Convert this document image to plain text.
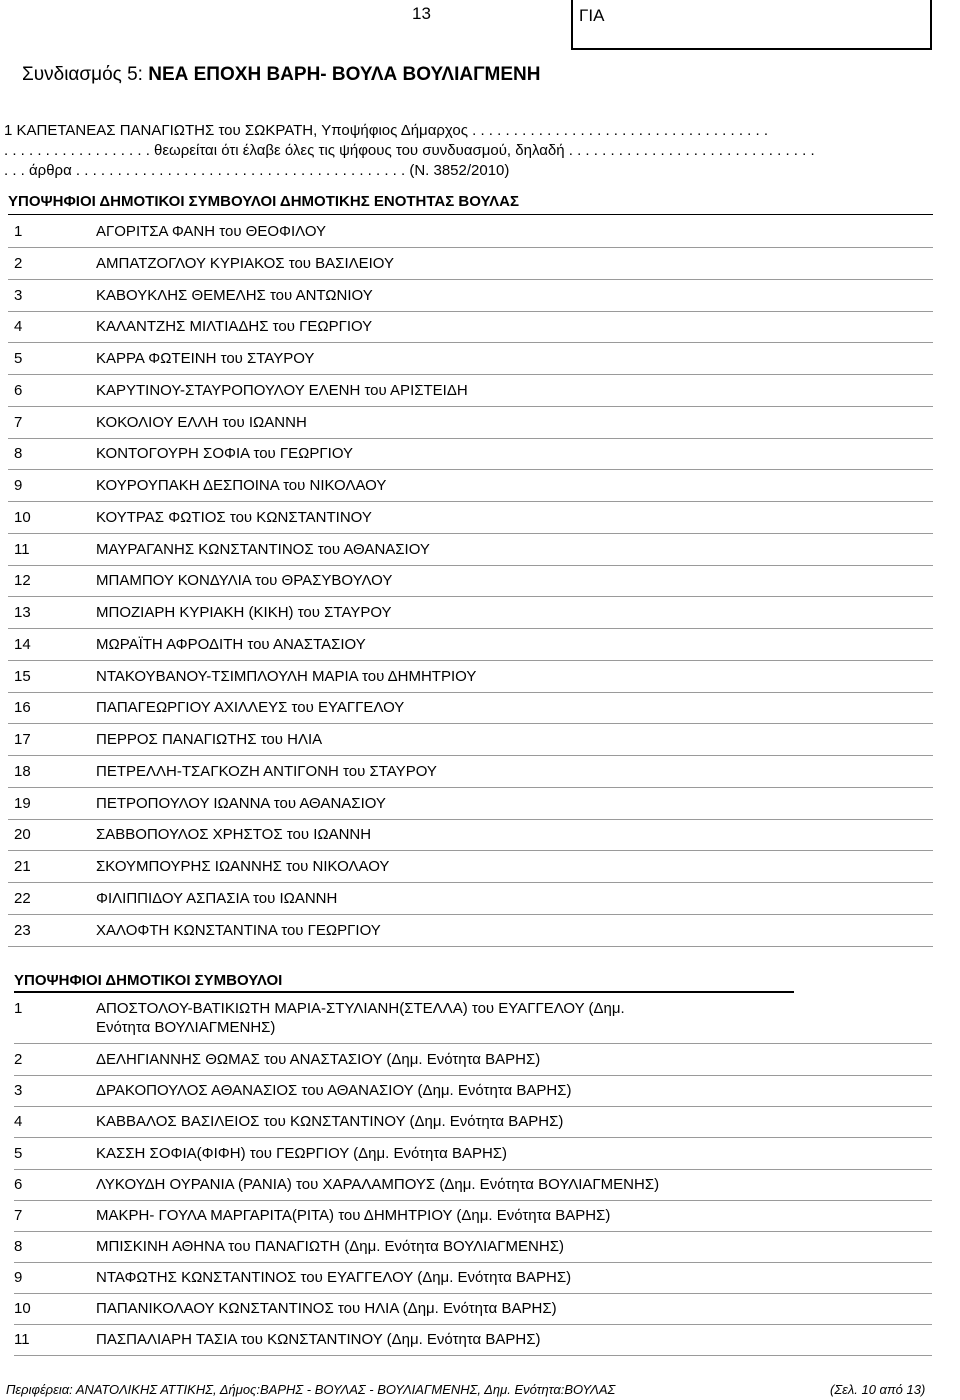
13	ΓΙΑ
Συνδιασμός 5: ΝΕΑ ΕΠΟΧΗ ΒΑΡΗ- ΒΟΥΛΑ ΒΟΥΛΙΑΓΜΕΝΗ
1 ΚΑΠΕΤΑΝΕΑΣ ΠΑΝΑΓΙΩΤΗΣ του ΣΩΚΡΑΤΗ, Υποψήφιος Δήμαρχος . . . . . . . . . . . . . . . . . . . . . . . . . . . . . . . . . . . .
. . . . . . . . . . . . . . . . . . θεωρείται ότι έλαβε όλες τις ψήφους του συνδυασμού, δηλαδή . . . . . . . . . . . . . . . . . . . . . . . . . . . . . .
. . . άρθρα . . . . . . . . . . . . . . . . . . . . . . . . . . . . . . . . . . . . . . . . (Ν. 3852/2010)
ΥΠΟΨΗΦΙΟΙ ΔΗΜΟΤΙΚΟΙ ΣΥΜΒΟΥΛΟΙ ΔΗΜΟΤΙΚΗΣ ΕΝΟΤΗΤΑΣ ΒΟΥΛΑΣ
1	ΑΓΟΡΙΤΣΑ ΦΑΝΗ του ΘΕΟΦΙΛΟΥ
2	ΑΜΠΑΤΖΟΓΛΟΥ ΚΥΡΙΑΚΟΣ του ΒΑΣΙΛΕΙΟΥ
3	ΚΑΒΟΥΚΛΗΣ ΘΕΜΕΛΗΣ του ΑΝΤΩΝΙΟΥ
4	ΚΑΛΑΝΤΖΗΣ ΜΙΛΤΙΑΔΗΣ του ΓΕΩΡΓΙΟΥ
5	ΚΑΡΡΑ ΦΩΤΕΙΝΗ του ΣΤΑΥΡΟΥ
6	ΚΑΡΥΤΙΝΟΥ-ΣΤΑΥΡΟΠΟΥΛΟΥ ΕΛΕΝΗ του ΑΡΙΣΤΕΙΔΗ
7	ΚΟΚΟΛΙΟΥ ΕΛΛΗ του ΙΩΑΝΝΗ
8	ΚΟΝΤΟΓΟΥΡΗ ΣΟΦΙΑ του ΓΕΩΡΓΙΟΥ
9	ΚΟΥΡΟΥΠΑΚΗ ΔΕΣΠΟΙΝΑ του ΝΙΚΟΛΑΟΥ
10	ΚΟΥΤΡΑΣ ΦΩΤΙΟΣ του ΚΩΝΣΤΑΝΤΙΝΟΥ
11	ΜΑΥΡΑΓΑΝΗΣ ΚΩΝΣΤΑΝΤΙΝΟΣ του ΑΘΑΝΑΣΙΟΥ
12	ΜΠΑΜΠΟΥ ΚΟΝΔΥΛΙΑ του ΘΡΑΣΥΒΟΥΛΟΥ
13	ΜΠΟΖΙΑΡΗ ΚΥΡΙΑΚΗ (ΚΙΚΗ) του ΣΤΑΥΡΟΥ
14	ΜΩΡΑΪΤΗ ΑΦΡΟΔΙΤΗ του ΑΝΑΣΤΑΣΙΟΥ
15	ΝΤΑΚΟΥΒΑΝΟΥ-ΤΣΙΜΠΛΟΥΛΗ ΜΑΡΙΑ του ΔΗΜΗΤΡΙΟΥ
16	ΠΑΠΑΓΕΩΡΓΙΟΥ ΑΧΙΛΛΕΥΣ του ΕΥΑΓΓΕΛΟΥ
17	ΠΕΡΡΟΣ ΠΑΝΑΓΙΩΤΗΣ του ΗΛΙΑ
18	ΠΕΤΡΕΛΛΗ-ΤΣΑΓΚΟΖΗ ΑΝΤΙΓΟΝΗ του ΣΤΑΥΡΟΥ
19	ΠΕΤΡΟΠΟΥΛΟΥ ΙΩΑΝΝΑ του ΑΘΑΝΑΣΙΟΥ
20	ΣΑΒΒΟΠΟΥΛΟΣ ΧΡΗΣΤΟΣ του ΙΩΑΝΝΗ
21	ΣΚΟΥΜΠΟΥΡΗΣ ΙΩΑΝΝΗΣ του ΝΙΚΟΛΑΟΥ
22	ΦΙΛΙΠΠΙΔΟΥ ΑΣΠΑΣΙΑ του ΙΩΑΝΝΗ
23	ΧΑΛΟΦΤΗ ΚΩΝΣΤΑΝΤΙΝΑ του ΓΕΩΡΓΙΟΥ
ΥΠΟΨΗΦΙΟΙ ΔΗΜΟΤΙΚΟΙ ΣΥΜΒΟΥΛΟΙ
1	ΑΠΟΣΤΟΛΟΥ-ΒΑΤΙΚΙΩΤΗ ΜΑΡΙΑ-ΣΤΥΛΙΑΝΗ(ΣΤΕΛΛΑ) του ΕΥΑΓΓΕΛΟΥ (Δημ.
Ενότητα ΒΟΥΛΙΑΓΜΕΝΗΣ)
2	ΔΕΛΗΓΙΑΝΝΗΣ ΘΩΜΑΣ του ΑΝΑΣΤΑΣΙΟΥ (Δημ. Ενότητα ΒΑΡΗΣ)
3	ΔΡΑΚΟΠΟΥΛΟΣ ΑΘΑΝΑΣΙΟΣ του ΑΘΑΝΑΣΙΟΥ (Δημ. Ενότητα ΒΑΡΗΣ)
4	ΚΑΒΒΑΛΟΣ ΒΑΣΙΛΕΙΟΣ του ΚΩΝΣΤΑΝΤΙΝΟΥ (Δημ. Ενότητα ΒΑΡΗΣ)
5	ΚΑΣΣΗ ΣΟΦΙΑ(ΦΙΦΗ) του ΓΕΩΡΓΙΟΥ (Δημ. Ενότητα ΒΑΡΗΣ)
6	ΛΥΚΟΥΔΗ ΟΥΡΑΝΙΑ (ΡΑΝΙΑ) του ΧΑΡΑΛΑΜΠΟΥΣ (Δημ. Ενότητα ΒΟΥΛΙΑΓΜΕΝΗΣ)
7	ΜΑΚΡΗ- ΓΟΥΛΑ ΜΑΡΓΑΡΙΤΑ(ΡΙΤΑ) του ΔΗΜΗΤΡΙΟΥ (Δημ. Ενότητα ΒΑΡΗΣ)
8	ΜΠΙΣΚΙΝΗ ΑΘΗΝΑ του ΠΑΝΑΓΙΩΤΗ (Δημ. Ενότητα ΒΟΥΛΙΑΓΜΕΝΗΣ)
9	ΝΤΑΦΩΤΗΣ ΚΩΝΣΤΑΝΤΙΝΟΣ του ΕΥΑΓΓΕΛΟΥ (Δημ. Ενότητα ΒΑΡΗΣ)
10	ΠΑΠΑΝΙΚΟΛΑΟΥ ΚΩΝΣΤΑΝΤΙΝΟΣ του ΗΛΙΑ (Δημ. Ενότητα ΒΑΡΗΣ)
11	ΠΑΣΠΑΛΙΑΡΗ ΤΑΣΙΑ του ΚΩΝΣΤΑΝΤΙΝΟΥ (Δημ. Ενότητα ΒΑΡΗΣ)
Περιφέρεια: ΑΝΑΤΟΛΙΚΗΣ ΑΤΤΙΚΗΣ, Δήμος:ΒΑΡΗΣ - ΒΟΥΛΑΣ - ΒΟΥΛΙΑΓΜΕΝΗΣ, Δημ. Ενότητα:ΒΟΥΛΑΣ	(Σελ. 10 από 13)
